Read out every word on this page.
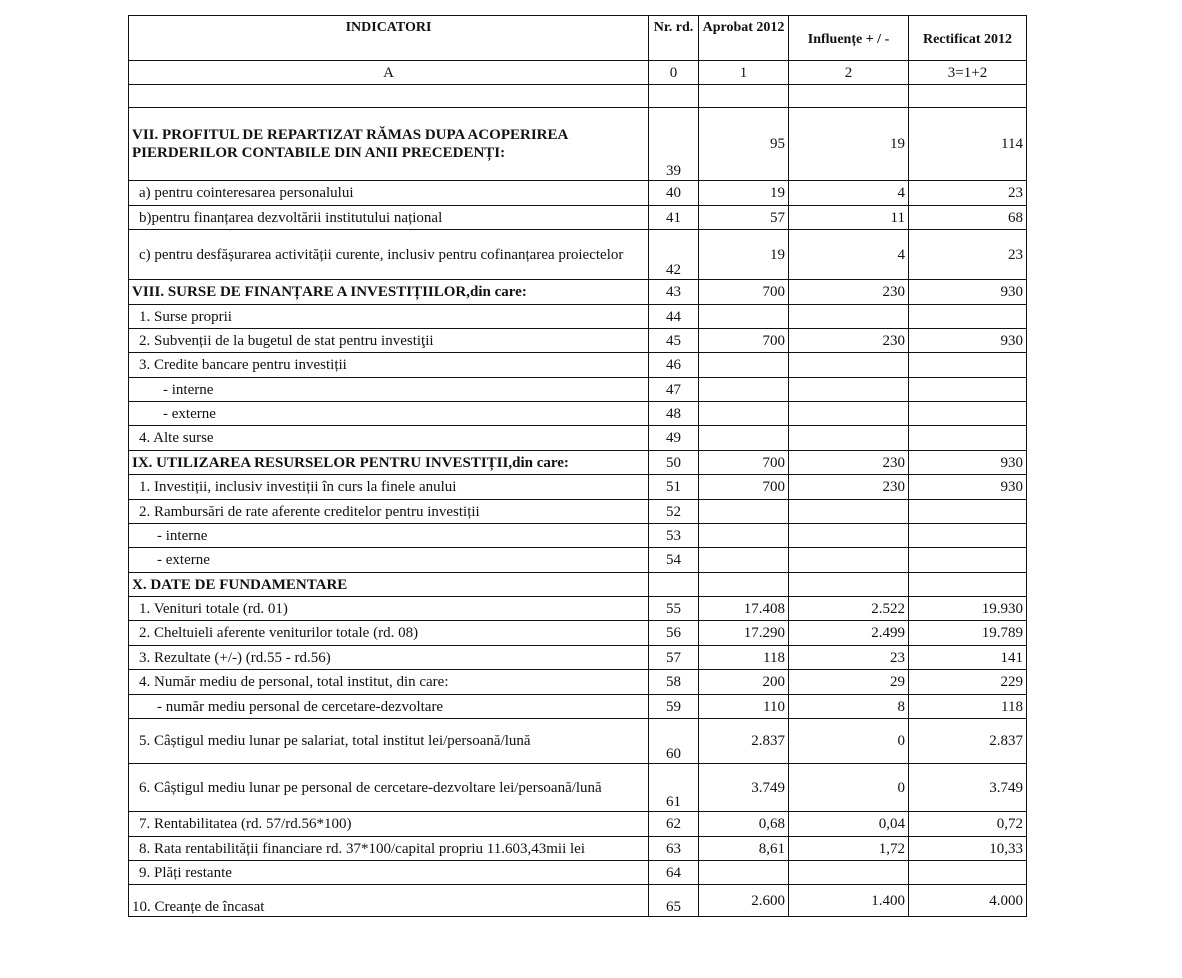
INDICATORI	Nr. rd.	Aprobat 2012	Influențe + / -	Rectificat 2012
A	0	1	2	3=1+2

VII. PROFITUL DE REPARTIZAT RĂMAS DUPA ACOPERIREA PIERDERILOR CONTABILE DIN ANII PRECEDENȚI:	39	95	19	114
a) pentru cointeresarea personalului	40	19	4	23
b)pentru finanțarea dezvoltării institutului național	41	57	11	68
c) pentru desfășurarea activității curente, inclusiv pentru cofinanțarea proiectelor	42	19	4	23
VIII. SURSE DE FINANȚARE A INVESTIȚIILOR,din care:	43	700	230	930
1. Surse proprii	44			
2. Subvenții de la bugetul de stat pentru investiţii	45	700	230	930
3. Credite bancare pentru investiții	46			
- interne	47			
- externe	48			
4. Alte surse	49			
IX. UTILIZAREA RESURSELOR PENTRU INVESTIȚII,din care:	50	700	230	930
1. Investiții, inclusiv investiții în curs la finele anului	51	700	230	930
2. Rambursări de rate aferente creditelor pentru investiții	52			
- interne	53			
- externe	54			
X. DATE DE FUNDAMENTARE				
1. Venituri totale (rd. 01)	55	17.408	2.522	19.930
2. Cheltuieli aferente veniturilor totale (rd. 08)	56	17.290	2.499	19.789
3. Rezultate (+/-) (rd.55 - rd.56)	57	118	23	141
4. Număr mediu de personal, total institut, din care:	58	200	29	229
- număr mediu personal de cercetare-dezvoltare	59	110	8	118
5. Câștigul mediu lunar pe salariat, total institut lei/persoană/lună	60	2.837	0	2.837
6. Câștigul mediu lunar pe personal de cercetare-dezvoltare lei/persoană/lună	61	3.749	0	3.749
7. Rentabilitatea (rd. 57/rd.56*100)	62	0,68	0,04	0,72
8. Rata rentabilității financiare rd. 37*100/capital propriu 11.603,43mii lei	63	8,61	1,72	10,33
9. Plăți restante	64			
10. Creanțe de încasat	65	2.600	1.400	4.000
